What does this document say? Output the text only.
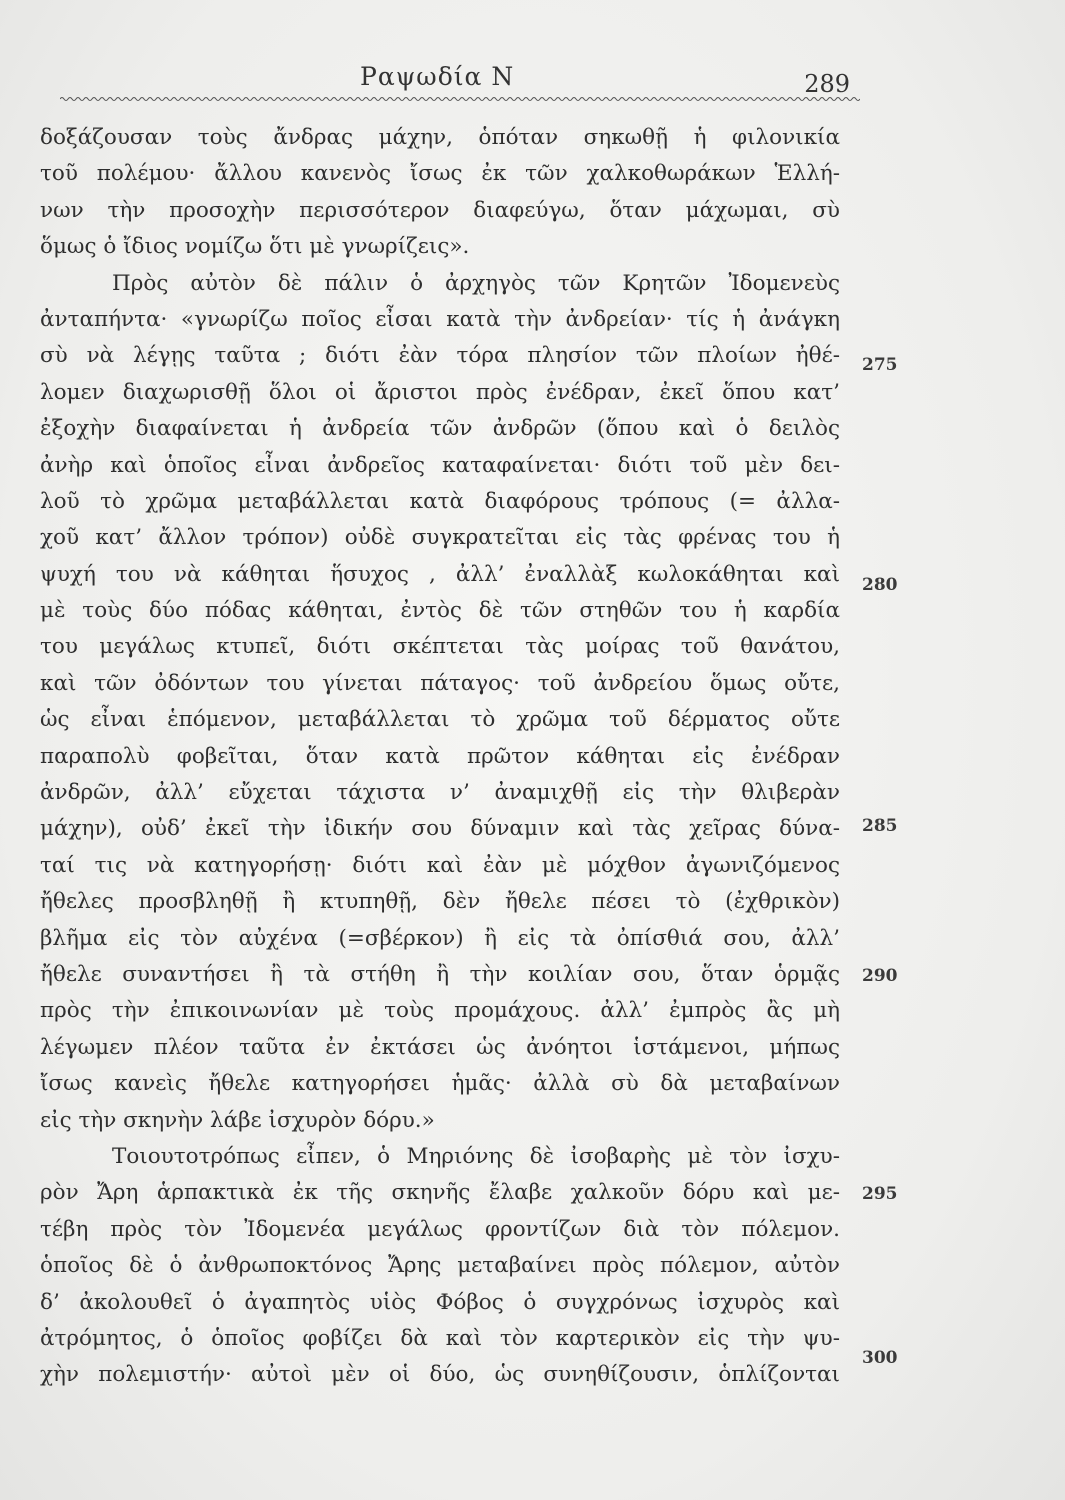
Ραψωδία Ν	289
δοξάζουσαν τοὺς ἄνδρας μάχην, ὁπόταν σηκωθῇ ἡ φιλονικία
τοῦ πολέμου· ἄλλου κανενὸς ἴσως ἐκ τῶν χαλκοθωράκων Ἑλλή-
νων τὴν προσοχὴν περισσότερον διαφεύγω, ὅταν μάχωμαι, σὺ
ὅμως ὁ ἴδιος νομίζω ὅτι μὲ γνωρίζεις».
Πρὸς αὐτὸν δὲ πάλιν ὁ ἀρχηγὸς τῶν Κρητῶν Ἰδομενεὺς
ἀνταπήντα· «γνωρίζω ποῖος εἶσαι κατὰ τὴν ἀνδρείαν· τίς ἡ ἀνάγκη
σὺ νὰ λέγῃς ταῦτα ; διότι ἐὰν τόρα πλησίον τῶν πλοίων ἠθέ-
λομεν διαχωρισθῇ ὅλοι οἱ ἄριστοι πρὸς ἐνέδραν, ἐκεῖ ὅπου κατ’
ἐξοχὴν διαφαίνεται ἡ ἀνδρεία τῶν ἀνδρῶν (ὅπου καὶ ὁ δειλὸς
ἀνὴρ καὶ ὁποῖος εἶναι ἀνδρεῖος καταφαίνεται· διότι τοῦ μὲν δει-
λοῦ τὸ χρῶμα μεταβάλλεται κατὰ διαφόρους τρόπους (= ἀλλα-
χοῦ κατ’ ἄλλον τρόπον) οὐδὲ συγκρατεῖται εἰς τὰς φρένας του ἡ
ψυχή του νὰ κάθηται ἥσυχος , ἀλλ’ ἐναλλὰξ κωλοκάθηται καὶ
μὲ τοὺς δύο πόδας κάθηται, ἐντὸς δὲ τῶν στηθῶν του ἡ καρδία
του μεγάλως κτυπεῖ, διότι σκέπτεται τὰς μοίρας τοῦ θανάτου,
καὶ τῶν ὀδόντων του γίνεται πάταγος· τοῦ ἀνδρείου ὅμως οὔτε,
ὡς εἶναι ἑπόμενον, μεταβάλλεται τὸ χρῶμα τοῦ δέρματος οὔτε
παραπολὺ φοβεῖται, ὅταν κατὰ πρῶτον κάθηται εἰς ἐνέδραν
ἀνδρῶν, ἀλλ’ εὔχεται τάχιστα ν’ ἀναμιχθῇ εἰς τὴν θλιβερὰν
μάχην), οὐδ’ ἐκεῖ τὴν ἰδικήν σου δύναμιν καὶ τὰς χεῖρας δύνα-
ταί τις νὰ κατηγορήσῃ· διότι καὶ ἐὰν μὲ μόχθον ἀγωνιζόμενος
ἤθελες προσβληθῇ ἢ κτυπηθῇ, δὲν ἤθελε πέσει τὸ (ἐχθρικὸν)
βλῆμα εἰς τὸν αὐχένα (=σβέρκον) ἢ εἰς τὰ ὀπίσθιά σου, ἀλλ’
ἤθελε συναντήσει ἢ τὰ στήθη ἢ τὴν κοιλίαν σου, ὅταν ὁρμᾷς
πρὸς τὴν ἐπικοινωνίαν μὲ τοὺς προμάχους. ἀλλ’ ἐμπρὸς ἂς μὴ
λέγωμεν πλέον ταῦτα ἐν ἐκτάσει ὡς ἀνόητοι ἱστάμενοι, μήπως
ἴσως κανεὶς ἤθελε κατηγορήσει ἡμᾶς· ἀλλὰ σὺ δὰ μεταβαίνων
εἰς τὴν σκηνὴν λάβε ἰσχυρὸν δόρυ.»
Τοιουτοτρόπως εἶπεν, ὁ Μηριόνης δὲ ἰσοβαρὴς μὲ τὸν ἰσχυ-
ρὸν Ἄρη ἁρπακτικὰ ἐκ τῆς σκηνῆς ἔλαβε χαλκοῦν δόρυ καὶ με-
τέβη πρὸς τὸν Ἰδομενέα μεγάλως φροντίζων διὰ τὸν πόλεμον.
ὁποῖος δὲ ὁ ἀνθρωποκτόνος Ἄρης μεταβαίνει πρὸς πόλεμον, αὐτὸν
δ’ ἀκολουθεῖ ὁ ἀγαπητὸς υἱὸς Φόβος ὁ συγχρόνως ἰσχυρὸς καὶ
ἀτρόμητος, ὁ ὁποῖος φοβίζει δὰ καὶ τὸν καρτερικὸν εἰς τὴν ψυ-
χὴν πολεμιστήν· αὐτοὶ μὲν οἱ δύο, ὡς συνηθίζουσιν, ὁπλίζονται
275
280
285
290
295
300
